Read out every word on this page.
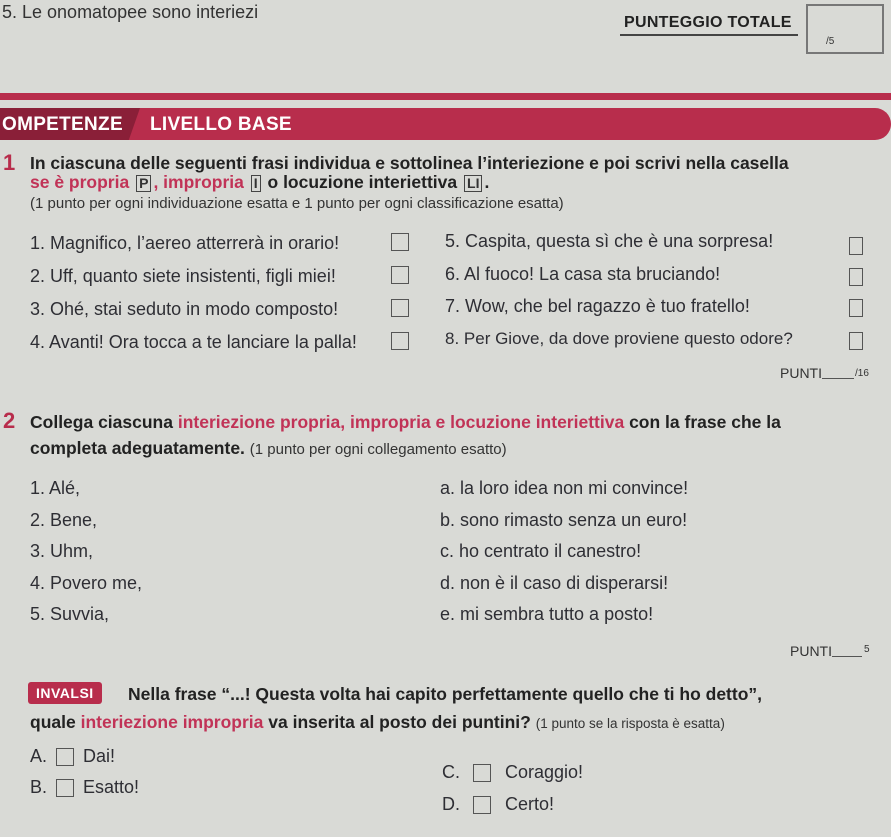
5. Le onomatopee sono interiezi
PUNTEGGIO TOTALE
/5
OMPETENZE LIVELLO BASE
1 In ciascuna delle seguenti frasi individua e sottolinea l’interiezione e poi scrivi nella casella
se è propria P , impropria I o locuzione interiettiva LI .
(1 punto per ogni individuazione esatta e 1 punto per ogni classificazione esatta)
1. Magnifico, l’aereo atterrerà in orario!
2. Uff, quanto siete insistenti, figli miei!
3. Ohé, stai seduto in modo composto!
4. Avanti! Ora tocca a te lanciare la palla!
5. Caspita, questa sì che è una sorpresa!
6. Al fuoco! La casa sta bruciando!
7. Wow, che bel ragazzo è tuo fratello!
8. Per Giove, da dove proviene questo odore?
PUNTI	/16
2 Collega ciascuna interiezione propria, impropria e locuzione interiettiva con la frase che la
completa adeguatamente. (1 punto per ogni collegamento esatto)
1. Alé,
2. Bene,
3. Uhm,
4. Povero me,
5. Suvvia,
a. la loro idea non mi convince!
b. sono rimasto senza un euro!
c. ho centrato il canestro!
d. non è il caso di disperarsi!
e. mi sembra tutto a posto!
PUNTI	5
INVALSI	Nella frase “...! Questa volta hai capito perfettamente quello che ti ho detto”,
quale interiezione impropria va inserita al posto dei puntini? (1 punto se la risposta è esatta)
A. Dai!
B. Esatto!
C.	Coraggio!
D.	Certo!
